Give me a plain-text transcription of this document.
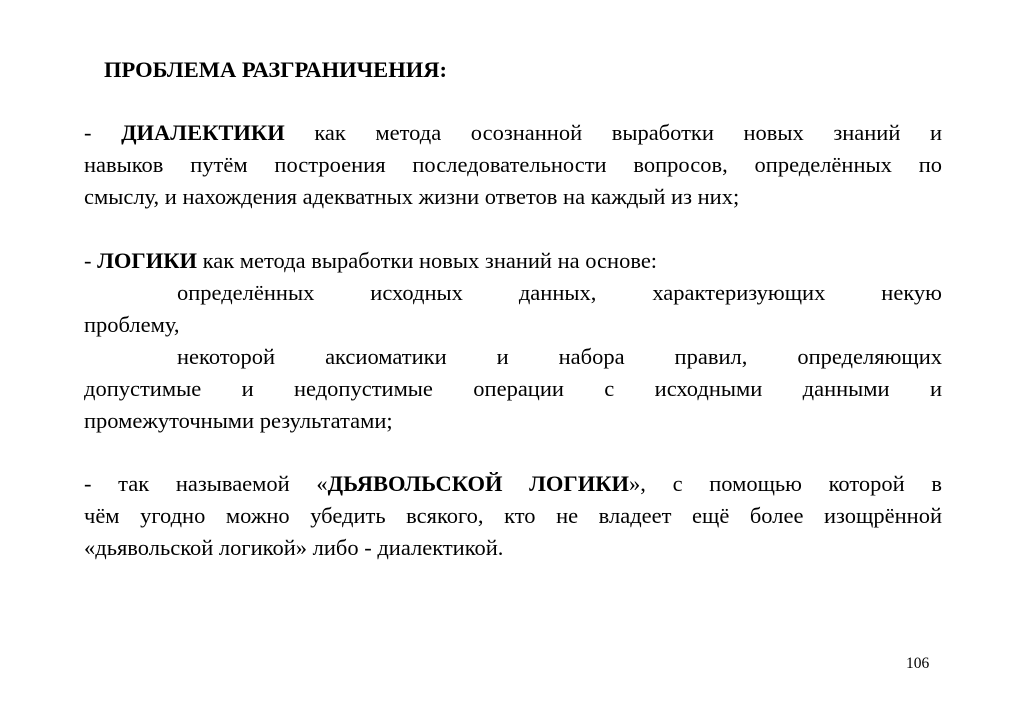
ПРОБЛЕМА РАЗГРАНИЧЕНИЯ:
- ДИАЛЕКТИКИ как метода осознанной выработки новых знаний и
навыков путём построения последовательности вопросов, определённых по
смыслу, и нахождения адекватных жизни ответов на каждый из них;
- ЛОГИКИ как метода выработки новых знаний на основе:
определённых исходных данных, характеризующих некую
проблему,
некоторой аксиоматики и набора правил, определяющих
допустимые и недопустимые операции с исходными данными и
промежуточными результатами;
- так называемой «ДЬЯВОЛЬСКОЙ ЛОГИКИ», с помощью которой в
чём угодно можно убедить всякого, кто не владеет ещё более изощрённой
«дьявольской логикой» либо - диалектикой.
106
